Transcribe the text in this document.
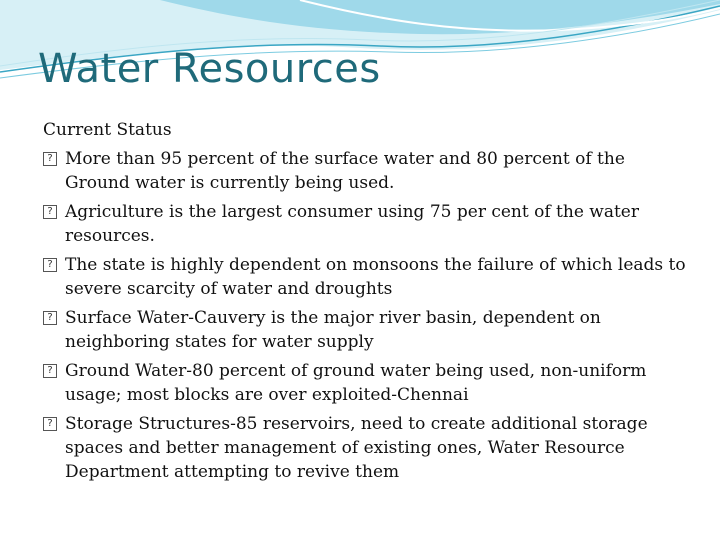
Water Resources
Current Status
? More than 95 percent of the surface water and 80 percent of the Ground water is currently being used.
? Agriculture is the largest consumer using 75 per cent of the water resources.
? The state is highly dependent on monsoons the failure of which leads to severe scarcity of water and droughts
? Surface Water-Cauvery is the major river basin, dependent on neighboring states for water supply
? Ground Water-80 percent of ground water being used, non-uniform usage; most blocks are over exploited-Chennai
? Storage Structures-85 reservoirs, need to create additional storage spaces and better management of existing ones, Water Resource Department attempting to revive them
